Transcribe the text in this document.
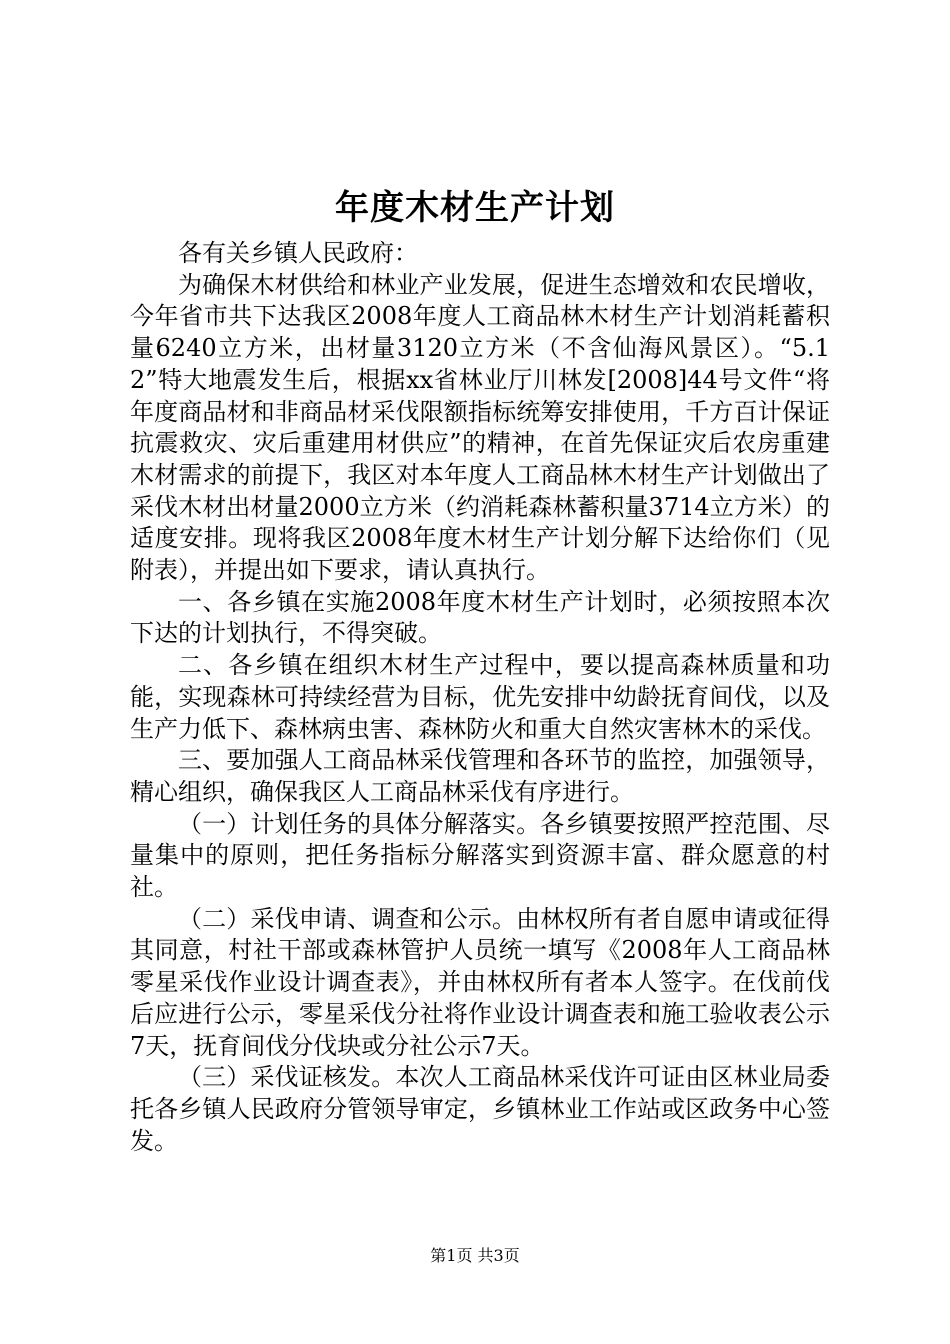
年度木材生产计划

各有关乡镇人民政府：

为确保木材供给和林业产业发展，促进生态增效和农民增收，今年省市共下达我区2008年度人工商品林木材生产计划消耗蓄积量6240立方米，出材量3120立方米（不含仙海风景区）。“5.12”特大地震发生后，根据xx省林业厅川林发[2008]44号文件“将年度商品材和非商品材采伐限额指标统筹安排使用，千方百计保证抗震救灾、灾后重建用材供应”的精神，在首先保证灾后农房重建木材需求的前提下，我区对本年度人工商品林木材生产计划做出了采伐木材出材量2000立方米（约消耗森林蓄积量3714立方米）的适度安排。现将我区2008年度木材生产计划分解下达给你们（见附表），并提出如下要求，请认真执行。

一、各乡镇在实施2008年度木材生产计划时，必须按照本次下达的计划执行，不得突破。

二、各乡镇在组织木材生产过程中，要以提高森林质量和功能，实现森林可持续经营为目标，优先安排中幼龄抚育间伐，以及生产力低下、森林病虫害、森林防火和重大自然灾害林木的采伐。

三、要加强人工商品林采伐管理和各环节的监控，加强领导，精心组织，确保我区人工商品林采伐有序进行。

（一）计划任务的具体分解落实。各乡镇要按照严控范围、尽量集中的原则，把任务指标分解落实到资源丰富、群众愿意的村社。

（二）采伐申请、调查和公示。由林权所有者自愿申请或征得其同意，村社干部或森林管护人员统一填写《2008年人工商品林零星采伐作业设计调查表》，并由林权所有者本人签字。在伐前伐后应进行公示，零星采伐分社将作业设计调查表和施工验收表公示7天，抚育间伐分伐块或分社公示7天。

（三）采伐证核发。本次人工商品林采伐许可证由区林业局委托各乡镇人民政府分管领导审定，乡镇林业工作站或区政务中心签发。

第1页 共3页
